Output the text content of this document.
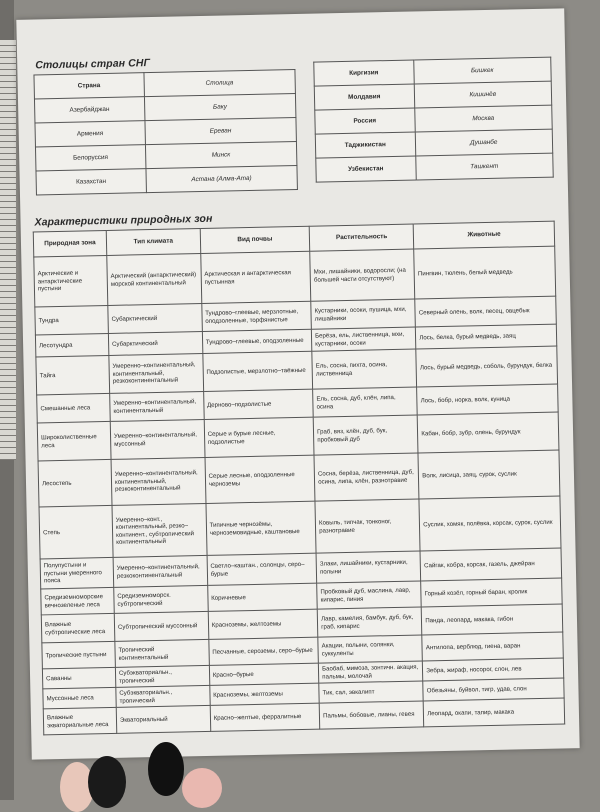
Столицы стран СНГ
Страна	Столица
Азербайджан	Баку
Армения	Ереван
Белоруссия	Минск
Казахстан	Астана (Алма-Ата)
Киргизия	Бишкек
Молдавия	Кишинёв
Россия	Москва
Таджикистан	Душанбе
Узбекистан	Ташкент
Характеристики природных зон
Природная зона	Тип климата	Вид почвы	Растительность	Животные
Арктические и антарктические пустыни	Арктический (антарктический) морской континентальный	Арктическая и антарктическая пустынная	Мхи, лишайники, водоросли; (на большей части отсутствуют)	Пингвин, тюлень, белый медведь
Тундра	Субарктический	Тундрово–глеевые, мерзлотные, оподзоленные, торфянистые	Кустарники, осоки, пушица, мхи, лишайники	Северный олень, волк, песец, овцебык
Лесотундра	Субарктический	Тундрово–глеевые, оподзоленные	Берёза, ель, лиственница, мхи, кустарники, осоки	Лось, белка, бурый медведь, заяц
Тайга	Умеренно–континентальный, континентальный, резкоконтинентальный	Подзолистые, мерзлотно–таёжные	Ель, сосна, пихта, осина, лиственница	Лось, бурый медведь, соболь, бурундук, белка
Смешанные леса	Умеренно–континентальный, континентальный	Дерново–подзолистые	Ель, сосна, дуб, клён, липа, осина	Лось, бобр, норка, волк, куница
Широколиственные леса	Умеренно–континентальный, муссонный	Серые и бурые лесные, подзолистые	Граб, вяз, клён, дуб, бук, пробковый дуб	Кабан, бобр, зубр, олень, бурундук
Лесостепь	Умеренно–континентальный, континентальный, резкоконтинентальный	Серые лесные, оподзоленные черноземы	Сосна, берёза, лиственница, дуб, осина, липа, клён, разнотравие	Волк, лисица, заяц, сурок, суслик
Степь	Умеренно–конт., континентальный, резко–континент., субтропический континентальный	Типичные чернозёмы, черноземовидные, каштановые	Ковыль, типчак, тонконог, разнотравие	Суслик, хомяк, полёвка, корсак, сурок, суслик
Полупустыни и пустыни умеренного пояса	Умеренно–континентальный, резкоконтинентальный	Светло–каштан., солонцы, серо–бурые	Злаки, лишайники, кустарники, полыни	Сайгак, кобра, корсак, газель, джейран
Средиземноморские вечнозеленые леса	Средиземноморск. субтропический	Коричневые	Пробковый дуб, маслина, лавр, кипарис, пиния	Горный козёл, горный баран, кролик
Влажные субтропические леса	Субтропический муссонный	Красноземы, желтоземы	Лавр, камелия, бамбук, дуб, бук, граб, кипарис	Панда, леопард, макака, гибон
Тропические пустыни	Тропический континентальный	Песчанные, сероземы, серо–бурые	Акации, полыни, солянки, суккуленты	Антилопа, верблюд, гиена, варан
Саванны	Субэкваториальн., тропический	Красно–бурые	Баобаб, мимоза, зонтичн. акация, пальмы, молочай	Зебра, жираф, носорог, слон, лев
Муссонные леса	Субэкваториальн., тропический	Красноземы, желтоземы	Тик, сал, эвкалипт	Обезьяны, буйвол, тигр, удав, слон
Влажные экваториальные леса	Экваториальный	Красно–желтые, ферралитные	Пальмы, бобовые, лианы, гевея	Леопард, окапи, тапир, макака
